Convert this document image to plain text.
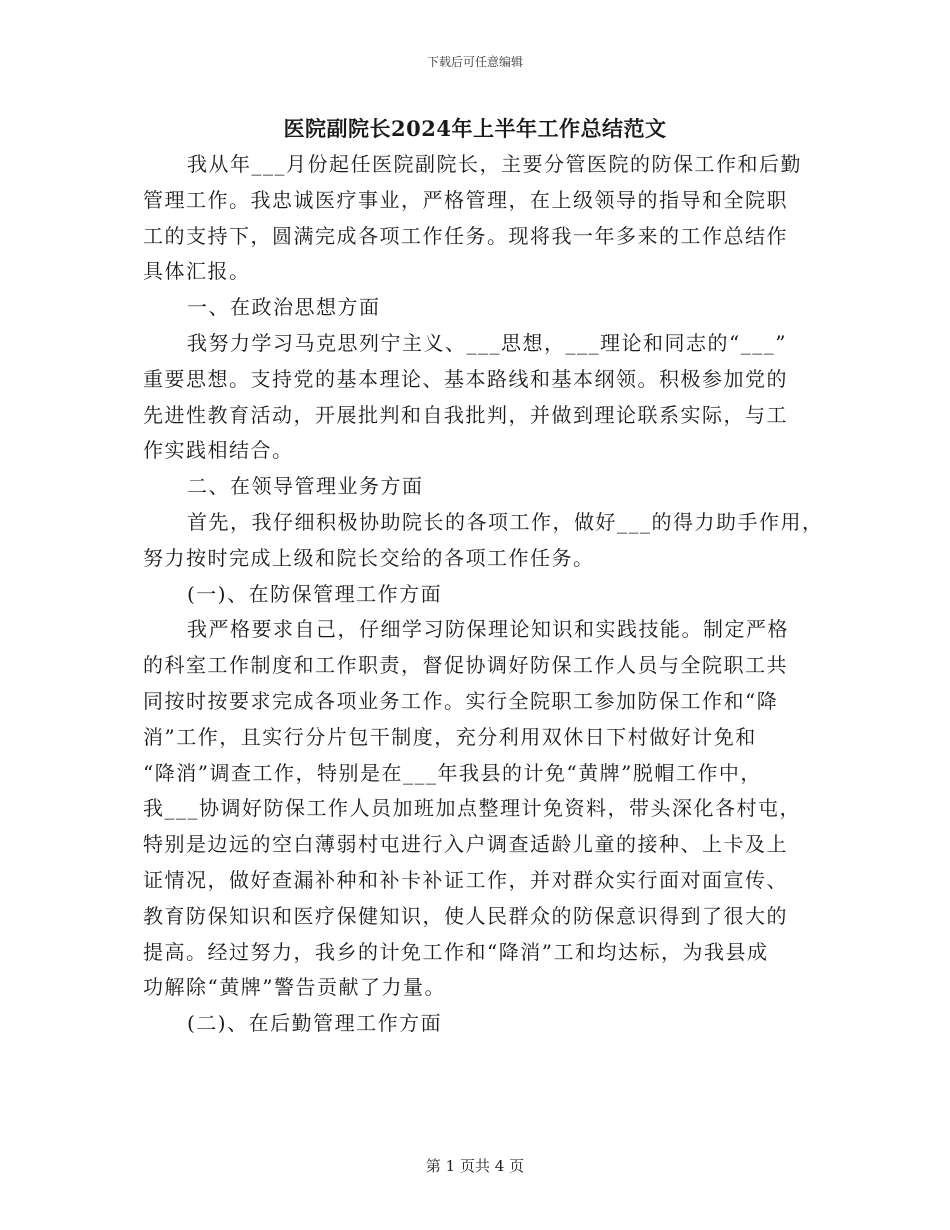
下载后可任意编辑
医院副院长2024年上半年工作总结范文
我从年___月份起任医院副院长，主要分管医院的防保工作和后勤
管理工作。我忠诚医疗事业，严格管理，在上级领导的指导和全院职
工的支持下，圆满完成各项工作任务。现将我一年多来的工作总结作
具体汇报。
一、在政治思想方面
我努力学习马克思列宁主义、___思想，___理论和同志的“___”
重要思想。支持党的基本理论、基本路线和基本纲领。积极参加党的
先进性教育活动，开展批判和自我批判，并做到理论联系实际，与工
作实践相结合。
二、在领导管理业务方面
首先，我仔细积极协助院长的各项工作，做好___的得力助手作用，
努力按时完成上级和院长交给的各项工作任务。
(一)、在防保管理工作方面
我严格要求自己，仔细学习防保理论知识和实践技能。制定严格
的科室工作制度和工作职责，督促协调好防保工作人员与全院职工共
同按时按要求完成各项业务工作。实行全院职工参加防保工作和“降
消”工作，且实行分片包干制度，充分利用双休日下村做好计免和
“降消”调查工作，特别是在___年我县的计免“黄牌”脱帽工作中，
我___协调好防保工作人员加班加点整理计免资料，带头深化各村屯，
特别是边远的空白薄弱村屯进行入户调查适龄儿童的接种、上卡及上
证情况，做好查漏补种和补卡补证工作，并对群众实行面对面宣传、
教育防保知识和医疗保健知识，使人民群众的防保意识得到了很大的
提高。经过努力，我乡的计免工作和“降消”工和均达标，为我县成
功解除“黄牌”警告贡献了力量。
(二)、在后勤管理工作方面
第 1 页共 4 页
